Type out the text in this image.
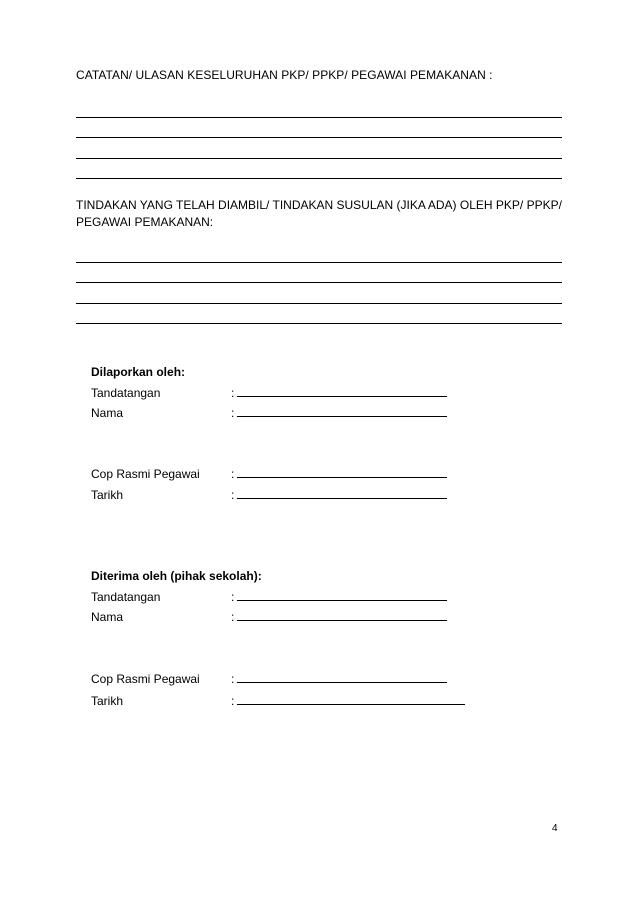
CATATAN/ ULASAN KESELURUHAN PKP/ PPKP/ PEGAWAI PEMAKANAN :
TINDAKAN YANG TELAH DIAMBIL/ TINDAKAN SUSULAN (JIKA ADA) OLEH PKP/ PPKP/ PEGAWAI PEMAKANAN:
Dilaporkan oleh:
Tandatangan	:
Nama	:
Cop Rasmi Pegawai	:
Tarikh	:
Diterima oleh (pihak sekolah):
Tandatangan	:
Nama	:
Cop Rasmi Pegawai	:
Tarikh	:
4
